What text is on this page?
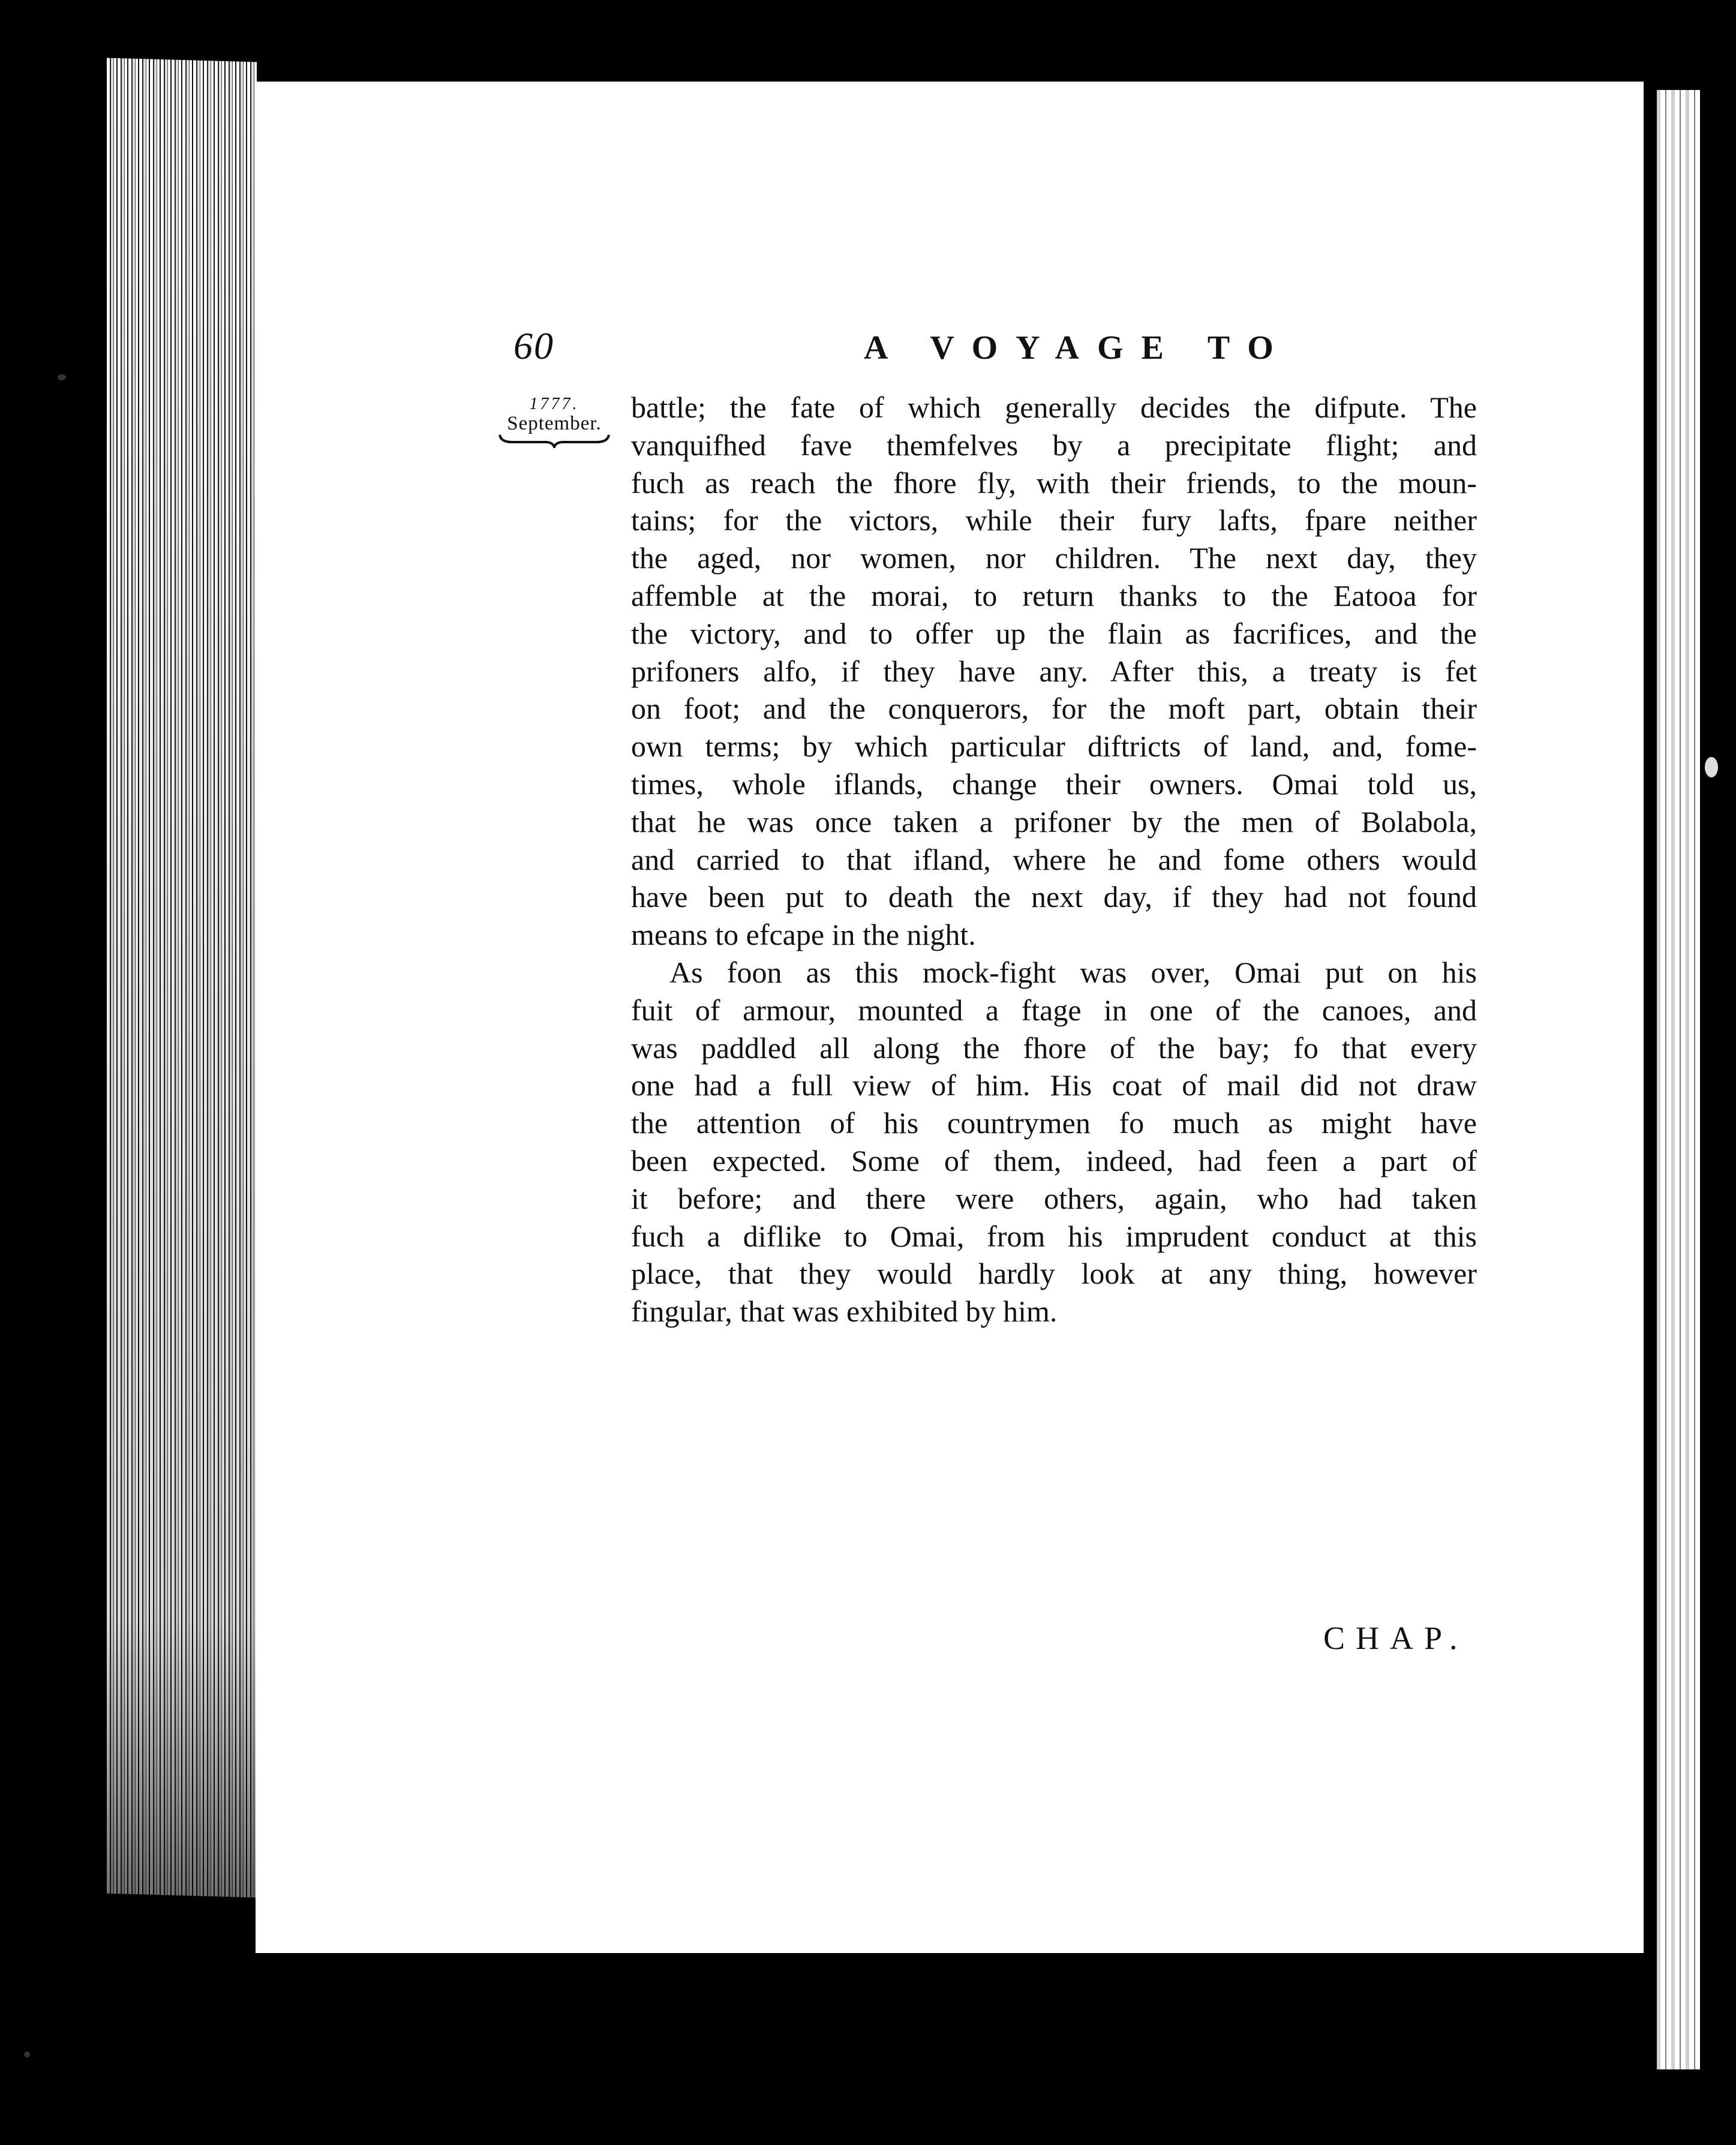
60	A VOYAGE TO
1777.
September. battle; the fate of which generally decides the difpute. The
vanquifhed fave themfelves by a precipitate flight; and
fuch as reach the fhore fly, with their friends, to the moun-
tains; for the victors, while their fury lafts, fpare neither
the aged, nor women, nor children. The next day, they
affemble at the morai, to return thanks to the Eatooa for
the victory, and to offer up the flain as facrifices, and the
prifoners alfo, if they have any. After this, a treaty is fet
on foot; and the conquerors, for the moft part, obtain their
own terms; by which particular diftricts of land, and, fome-
times, whole iflands, change their owners. Omai told us,
that he was once taken a prifoner by the men of Bolabola,
and carried to that ifland, where he and fome others would
have been put to death the next day, if they had not found
means to efcape in the night.

As foon as this mock-fight was over, Omai put on his
fuit of armour, mounted a ftage in one of the canoes, and
was paddled all along the fhore of the bay; fo that every
one had a full view of him. His coat of mail did not draw
the attention of his countrymen fo much as might have
been expected. Some of them, indeed, had feen a part of
it before; and there were others, again, who had taken
fuch a diflike to Omai, from his imprudent conduct at this
place, that they would hardly look at any thing, however
fingular, that was exhibited by him.

CHAP.
